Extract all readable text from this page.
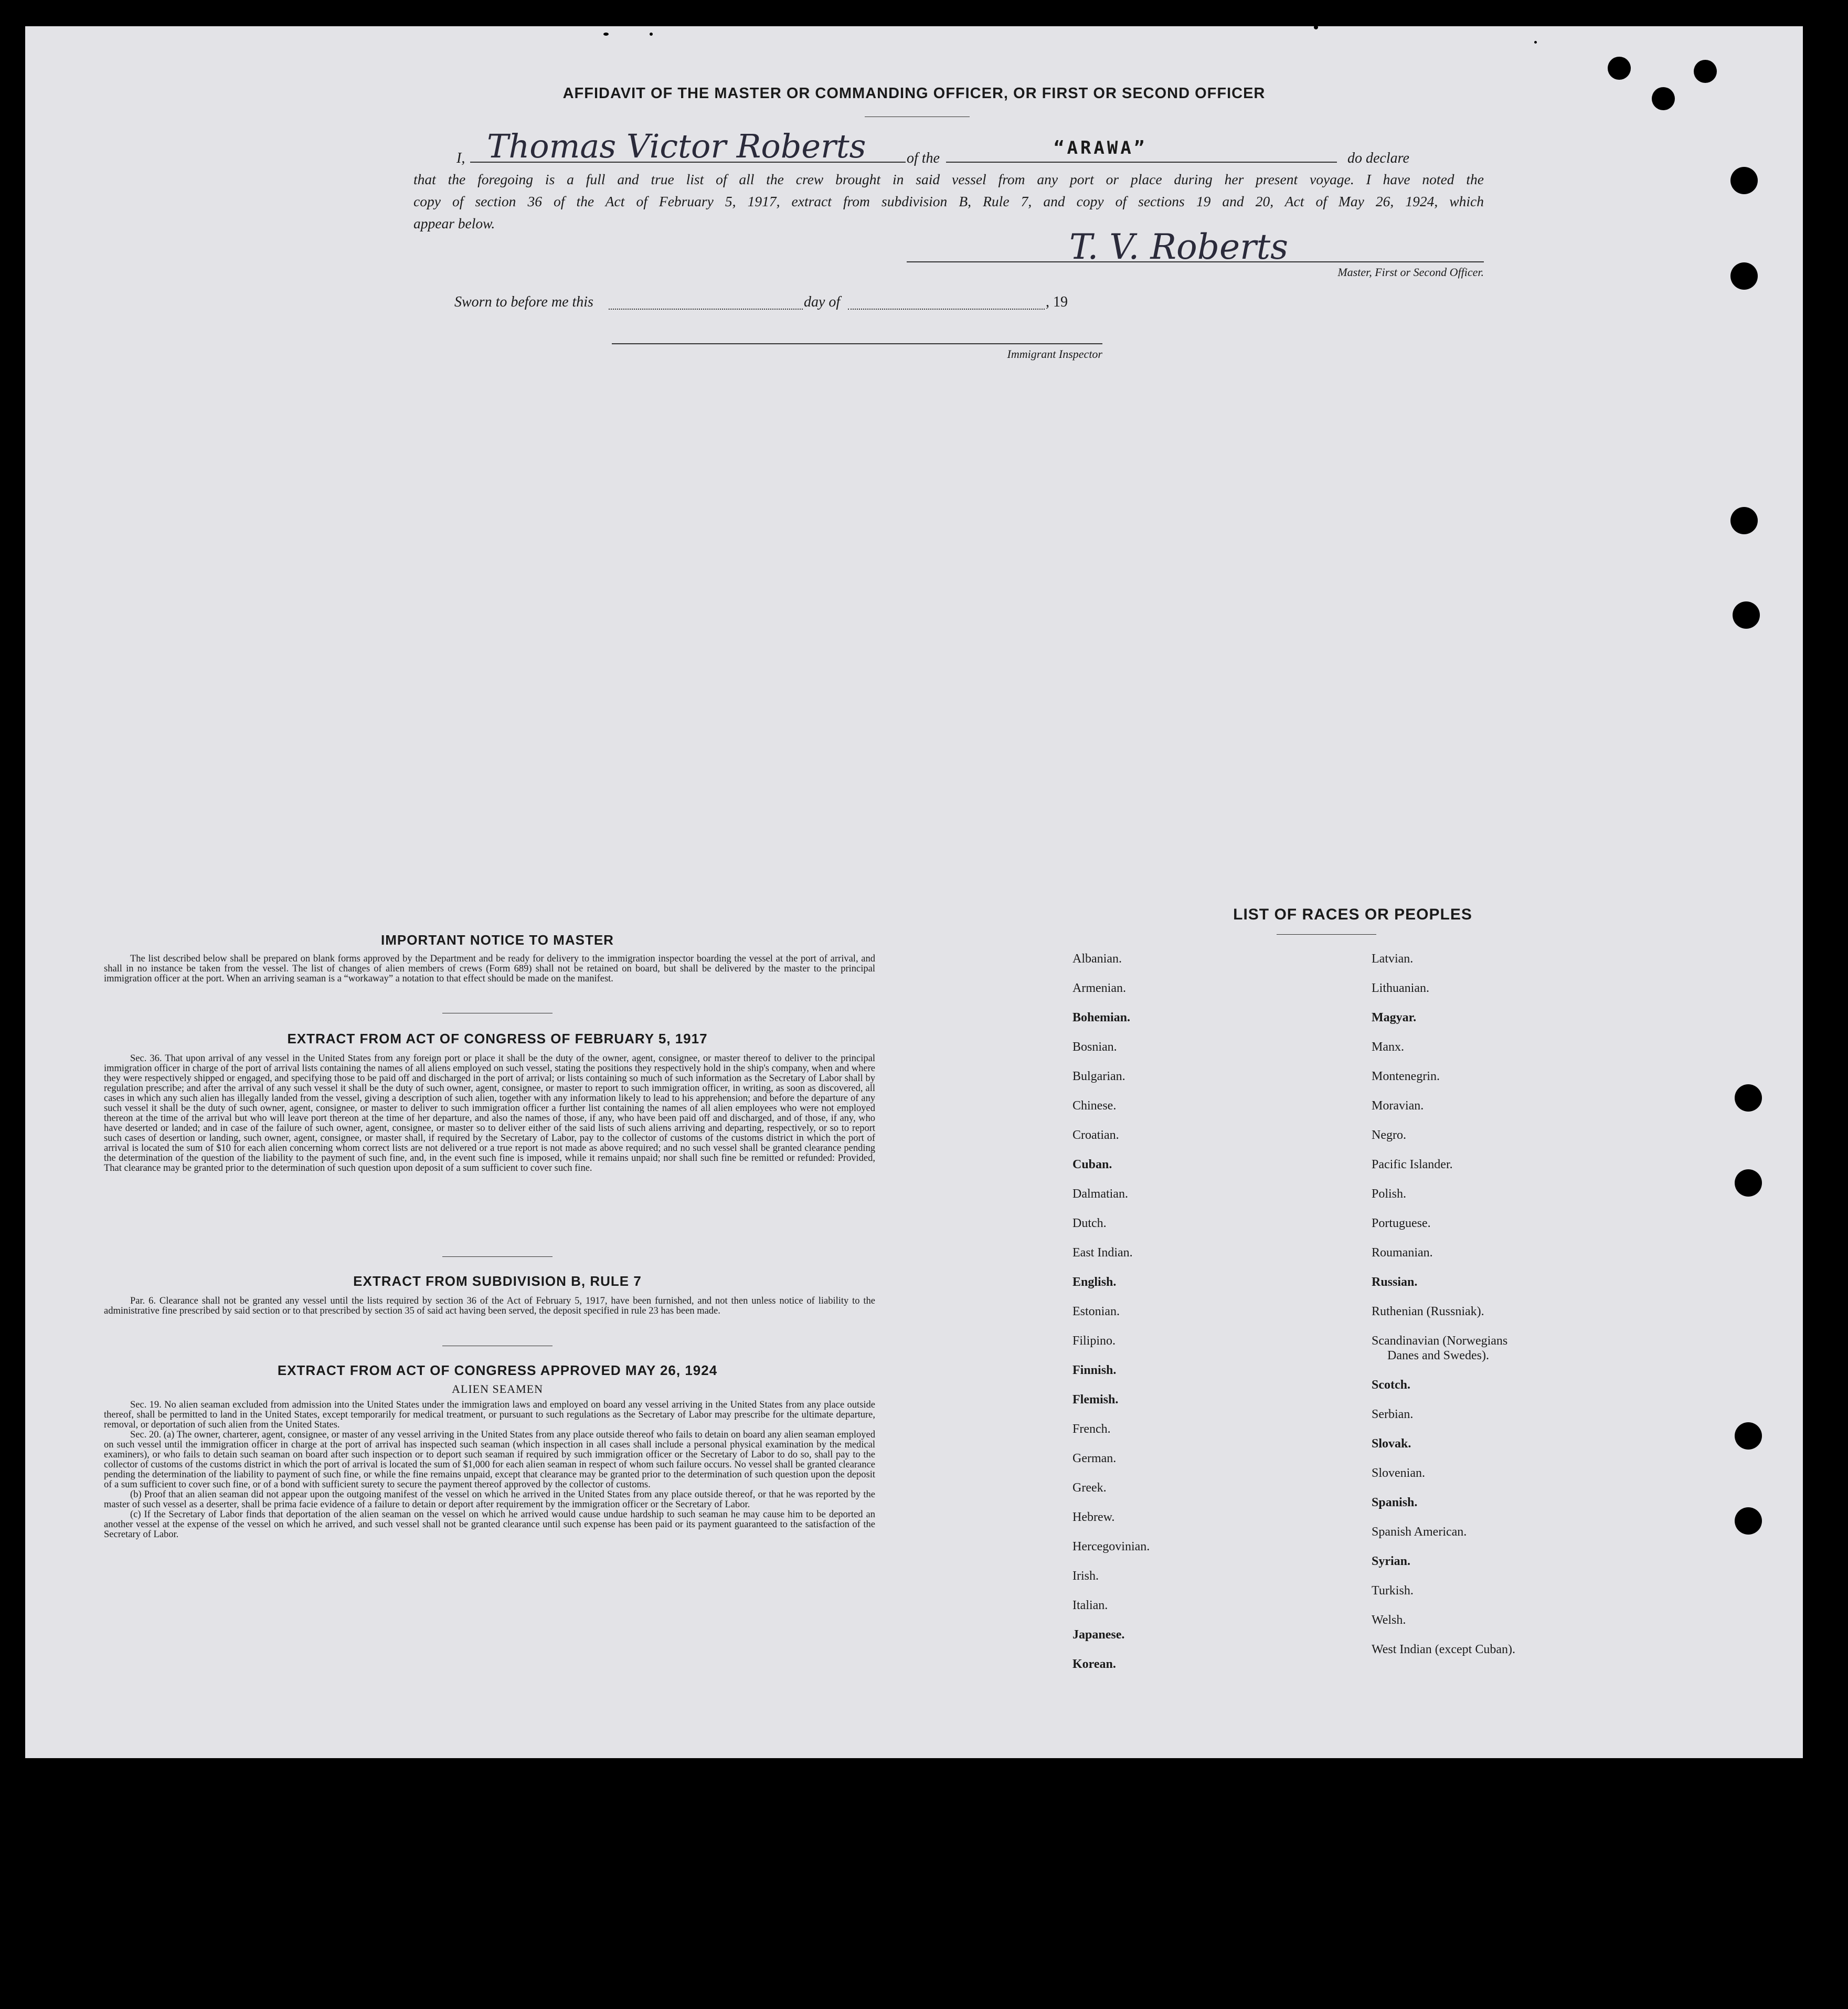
AFFIDAVIT OF THE MASTER OR COMMANDING OFFICER, OR FIRST OR SECOND OFFICER
I, Thomas Victor Roberts	of the	“ARAWA”	do declare
that the foregoing is a full and true list of all the crew brought in said vessel from any port or place during her present voyage. I have noted the
copy of section 36 of the Act of February 5, 1917, extract from subdivision B, Rule 7, and copy of sections 19 and 20, Act of May 26, 1924, which
appear below.
T. V. Roberts
Master, First or Second Officer.
Sworn to before me this	day of	, 19
Immigrant Inspector
IMPORTANT NOTICE TO MASTER

The list described below shall be prepared on blank forms approved by the Department and be ready for delivery to the immigration inspector boarding the vessel at the port of arrival, and shall in no instance be taken from the vessel. The list of changes of alien members of crews (Form 689) shall not be retained on board, but shall be delivered by the master to the principal immigration officer at the port. When an arriving seaman is a “workaway” a notation to that effect should be made on the manifest.

EXTRACT FROM ACT OF CONGRESS OF FEBRUARY 5, 1917

Sec. 36. That upon arrival of any vessel in the United States from any foreign port or place it shall be the duty of the owner, agent, consignee, or master thereof to deliver to the principal immigration officer in charge of the port of arrival lists containing the names of all aliens employed on such vessel, stating the positions they respectively hold in the ship's company, when and where they were respectively shipped or engaged, and specifying those to be paid off and discharged in the port of arrival; or lists containing so much of such information as the Secretary of Labor shall by regulation prescribe; and after the arrival of any such vessel it shall be the duty of such owner, agent, consignee, or master to report to such immigration officer, in writing, as soon as discovered, all cases in which any such alien has illegally landed from the vessel, giving a description of such alien, together with any information likely to lead to his apprehension; and before the departure of any such vessel it shall be the duty of such owner, agent, consignee, or master to deliver to such immigration officer a further list containing the names of all alien employees who were not employed thereon at the time of the arrival but who will leave port thereon at the time of her departure, and also the names of those, if any, who have been paid off and discharged, and of those, if any, who have deserted or landed; and in case of the failure of such owner, agent, consignee, or master so to deliver either of the said lists of such aliens arriving and departing, respectively, or so to report such cases of desertion or landing, such owner, agent, consignee, or master shall, if required by the Secretary of Labor, pay to the collector of customs of the customs district in which the port of arrival is located the sum of $10 for each alien concerning whom correct lists are not delivered or a true report is not made as above required; and no such vessel shall be granted clearance pending the determination of the question of the liability to the payment of such fine, and, in the event such fine is imposed, while it remains unpaid; nor shall such fine be remitted or refunded: Provided, That clearance may be granted prior to the determination of such question upon deposit of a sum sufficient to cover such fine.

EXTRACT FROM SUBDIVISION B, RULE 7

Par. 6. Clearance shall not be granted any vessel until the lists required by section 36 of the Act of February 5, 1917, have been furnished, and not then unless notice of liability to the administrative fine prescribed by said section or to that prescribed by section 35 of said act having been served, the deposit specified in rule 23 has been made.

EXTRACT FROM ACT OF CONGRESS APPROVED MAY 26, 1924
ALIEN SEAMEN

Sec. 19. No alien seaman excluded from admission into the United States under the immigration laws and employed on board any vessel arriving in the United States from any place outside thereof, shall be permitted to land in the United States, except temporarily for medical treatment, or pursuant to such regulations as the Secretary of Labor may prescribe for the ultimate departure, removal, or deportation of such alien from the United States.

Sec. 20. (a) The owner, charterer, agent, consignee, or master of any vessel arriving in the United States from any place outside thereof who fails to detain on board any alien seaman employed on such vessel until the immigration officer in charge at the port of arrival has inspected such seaman (which inspection in all cases shall include a personal physical examination by the medical examiners), or who fails to detain such seaman on board after such inspection or to deport such seaman if required by such immigration officer or the Secretary of Labor to do so, shall pay to the collector of customs of the customs district in which the port of arrival is located the sum of $1,000 for each alien seaman in respect of whom such failure occurs. No vessel shall be granted clearance pending the determination of the liability to payment of such fine, or while the fine remains unpaid, except that clearance may be granted prior to the determination of such question upon the deposit of a sum sufficient to cover such fine, or of a bond with sufficient surety to secure the payment thereof approved by the collector of customs.

(b) Proof that an alien seaman did not appear upon the outgoing manifest of the vessel on which he arrived in the United States from any place outside thereof, or that he was reported by the master of such vessel as a deserter, shall be prima facie evidence of a failure to detain or deport after requirement by the immigration officer or the Secretary of Labor.

(c) If the Secretary of Labor finds that deportation of the alien seaman on the vessel on which he arrived would cause undue hardship to such seaman he may cause him to be deported an another vessel at the expense of the vessel on which he arrived, and such vessel shall not be granted clearance until such expense has been paid or its payment guaranteed to the satisfaction of the Secretary of Labor.

LIST OF RACES OR PEOPLES
Albanian.
Armenian.
Bohemian.
Bosnian.
Bulgarian.
Chinese.
Croatian.
Cuban.
Dalmatian.
Dutch.
East Indian.
English.
Estonian.
Filipino.
Finnish.
Flemish.
French.
German.
Greek.
Hebrew.
Hercegovinian.
Irish.
Italian.
Japanese.
Korean.
Latvian.
Lithuanian.
Magyar.
Manx.
Montenegrin.
Moravian.
Negro.
Pacific Islander.
Polish.
Portuguese.
Roumanian.
Russian.
Ruthenian (Russniak).
Scandinavian (Norwegians
Danes and Swedes).
Scotch.
Serbian.
Slovak.
Slovenian.
Spanish.
Spanish American.
Syrian.
Turkish.
Welsh.
West Indian (except Cuban).
